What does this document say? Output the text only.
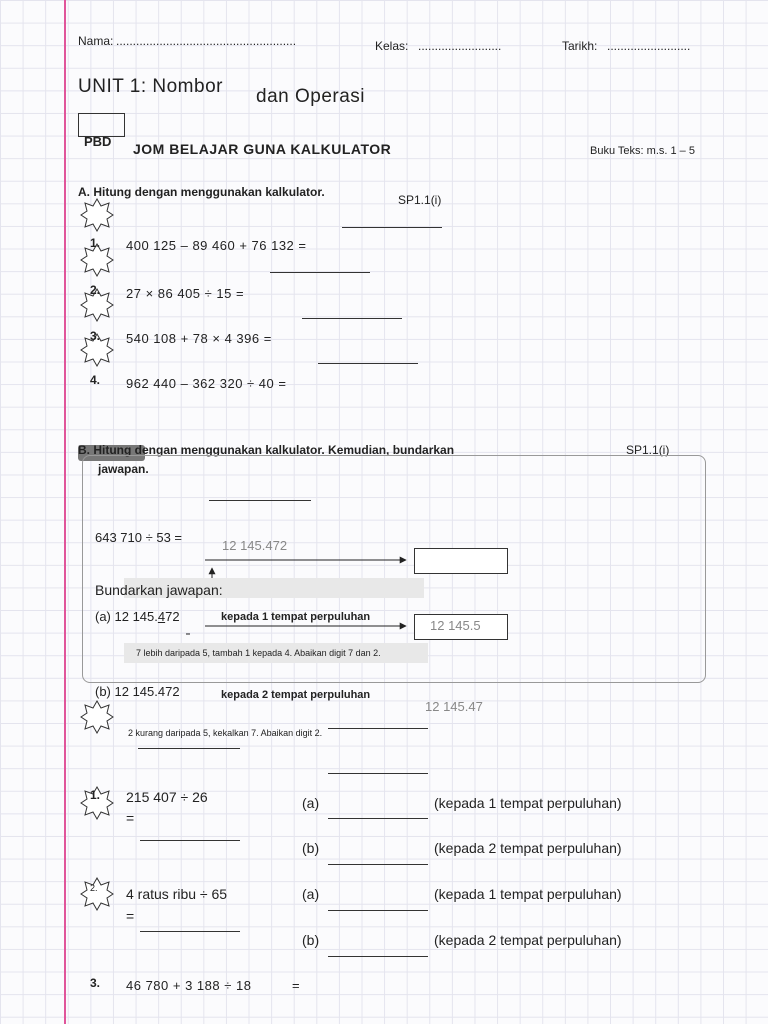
Nama: ......................................................	Kelas: .........................	Tarikh: .........................
UNIT 1: Nombor dan Operasi
PBD JOM BELAJAR GUNA KALKULATOR	Buku Teks: m.s. 1 – 5
A. Hitung dengan menggunakan kalkulator.
SP1.1(i)
1. 400 125 – 89 460 + 76 132 =
2. 27 × 86 405 ÷ 15 =
3. 540 108 + 78 × 4 396 =
4. 962 440 – 362 320 ÷ 40 =
B. Hitung dengan menggunakan kalkulator. Kemudian, bundarkan
jawapan.
SP1.1(i)
643 710 ÷ 53 =
12 145.472
Bundarkan jawapan:
(a) 12 145.472	kepada 1 tempat perpuluhan
12 145.5
7 lebih daripada 5, tambah 1 kepada 4. Abaikan digit 7 dan 2.
(b) 12 145.472	kepada 2 tempat perpuluhan
12 145.47
2 kurang daripada 5, kekalkan 7. Abaikan digit 2.
1. 215 407 ÷ 26
=
(a)	(kepada 1 tempat perpuluhan)
(b)	(kepada 2 tempat perpuluhan)
2. 4 ratus ribu ÷ 65
=
(a)	(kepada 1 tempat perpuluhan)
(b)	(kepada 2 tempat perpuluhan)
3. 46 780 + 3 188 ÷ 18	=
